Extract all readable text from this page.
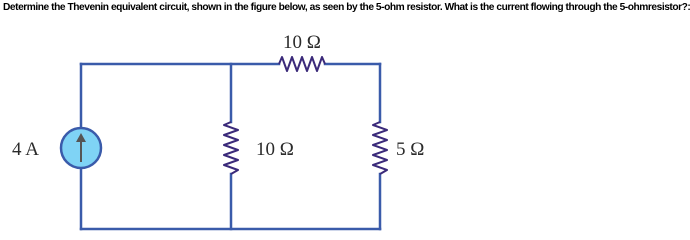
Determine the Thevenin equivalent circuit, shown in the figure below, as seen by the 5-ohm resistor. What is the current flowing through the 5-ohmresistor?:
4 A
10 Ω
10 Ω	5 Ω
